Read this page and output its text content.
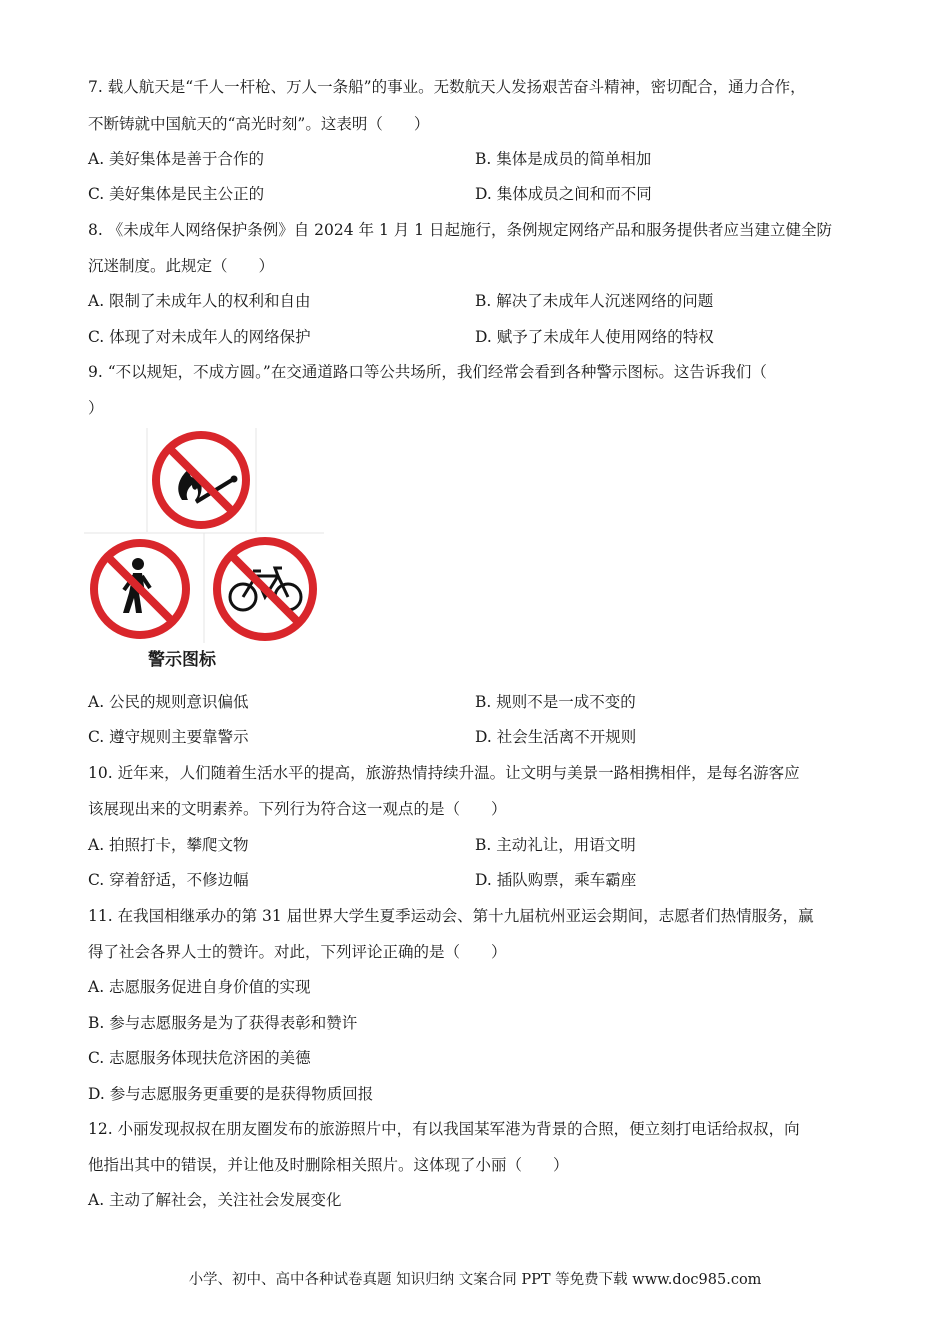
7. 载人航天是“千人一杆枪、万人一条船”的事业。无数航天人发扬艰苦奋斗精神，密切配合，通力合作，
不断铸就中国航天的“高光时刻”。这表明（　　）
A. 美好集体是善于合作的	B. 集体是成员的简单相加
C. 美好集体是民主公正的	D. 集体成员之间和而不同
8. 《未成年人网络保护条例》自 2024 年 1 月 1 日起施行，条例规定网络产品和服务提供者应当建立健全防
沉迷制度。此规定（　　）
A. 限制了未成年人的权利和自由	B. 解决了未成年人沉迷网络的问题
C. 体现了对未成年人的网络保护	D. 赋予了未成年人使用网络的特权
9. “不以规矩，不成方圆。”在交通道路口等公共场所，我们经常会看到各种警示图标。这告诉我们（
）
警示图标
A. 公民的规则意识偏低	B. 规则不是一成不变的
C. 遵守规则主要靠警示	D. 社会生活离不开规则
10. 近年来，人们随着生活水平的提高，旅游热情持续升温。让文明与美景一路相携相伴，是每名游客应
该展现出来的文明素养。下列行为符合这一观点的是（　　）
A. 拍照打卡，攀爬文物	B. 主动礼让，用语文明
C. 穿着舒适，不修边幅	D. 插队购票，乘车霸座
11. 在我国相继承办的第 31 届世界大学生夏季运动会、第十九届杭州亚运会期间，志愿者们热情服务，赢
得了社会各界人士的赞许。对此，下列评论正确的是（　　）
A. 志愿服务促进自身价值的实现
B. 参与志愿服务是为了获得表彰和赞许
C. 志愿服务体现扶危济困的美德
D. 参与志愿服务更重要的是获得物质回报
12. 小丽发现叔叔在朋友圈发布的旅游照片中，有以我国某军港为背景的合照，便立刻打电话给叔叔，向
他指出其中的错误，并让他及时删除相关照片。这体现了小丽（　　）
A. 主动了解社会，关注社会发展变化
小学、初中、高中各种试卷真题 知识归纳 文案合同 PPT 等免费下载 www.doc985.com
